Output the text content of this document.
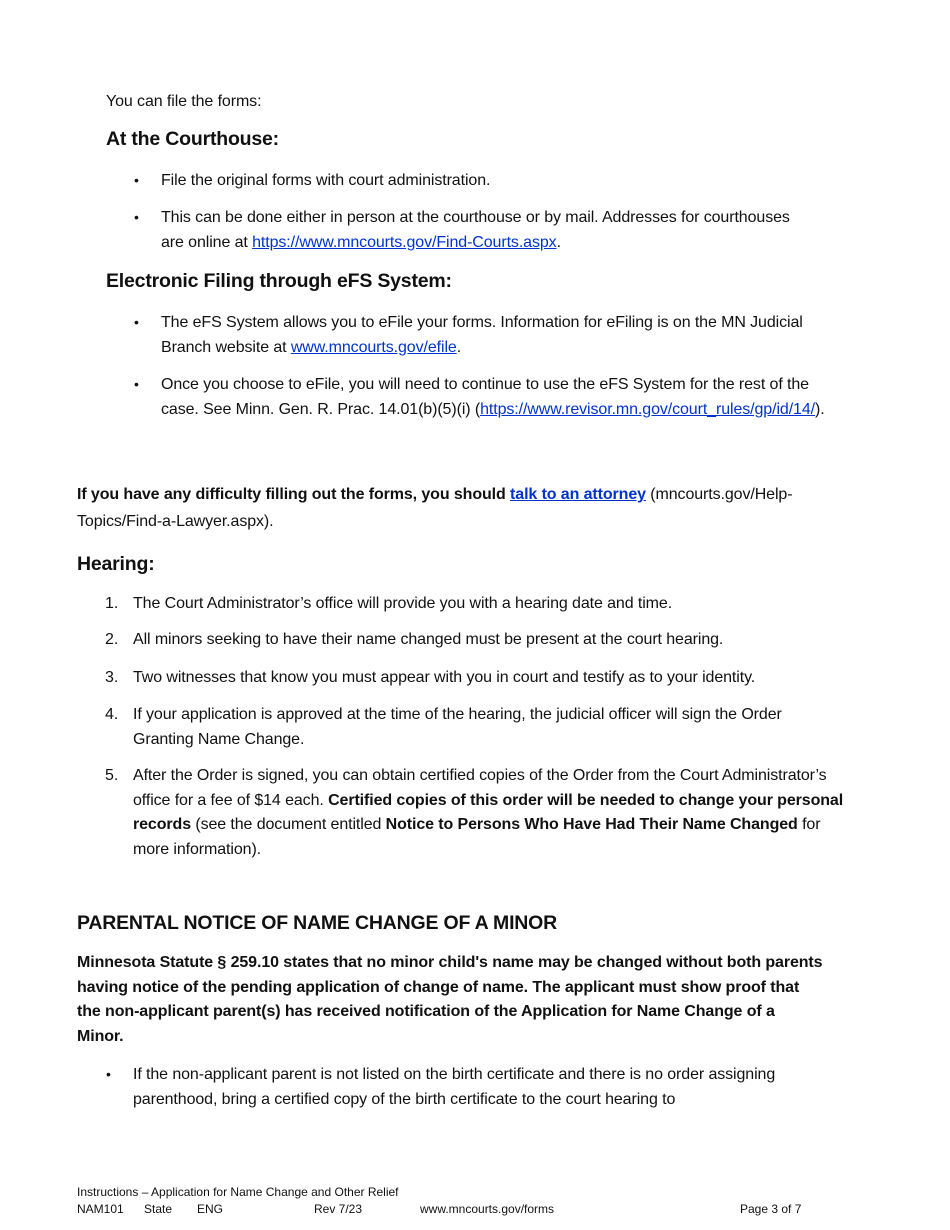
You can file the forms:

At the Courthouse:

• File the original forms with court administration.

• This can be done either in person at the courthouse or by mail. Addresses for courthouses are online at https://www.mncourts.gov/Find-Courts.aspx.

Electronic Filing through eFS System:

• The eFS System allows you to eFile your forms. Information for eFiling is on the MN Judicial Branch website at www.mncourts.gov/efile.

• Once you choose to eFile, you will need to continue to use the eFS System for the rest of the case. See Minn. Gen. R. Prac. 14.01(b)(5)(i) (https://www.revisor.mn.gov/court_rules/gp/id/14/).

If you have any difficulty filling out the forms, you should talk to an attorney (mncourts.gov/Help-Topics/Find-a-Lawyer.aspx).

Hearing:

1. The Court Administrator’s office will provide you with a hearing date and time.

2. All minors seeking to have their name changed must be present at the court hearing.

3. Two witnesses that know you must appear with you in court and testify as to your identity.

4. If your application is approved at the time of the hearing, the judicial officer will sign the Order Granting Name Change.

5. After the Order is signed, you can obtain certified copies of the Order from the Court Administrator’s office for a fee of $14 each. Certified copies of this order will be needed to change your personal records (see the document entitled Notice to Persons Who Have Had Their Name Changed for more information).

PARENTAL NOTICE OF NAME CHANGE OF A MINOR

Minnesota Statute § 259.10 states that no minor child's name may be changed without both parents having notice of the pending application of change of name. The applicant must show proof that the non-applicant parent(s) has received notification of the Application for Name Change of a Minor.

• If the non-applicant parent is not listed on the birth certificate and there is no order assigning parenthood, bring a certified copy of the birth certificate to the court hearing to

Instructions – Application for Name Change and Other Relief

NAM101 State ENG	Rev 7/23	www.mncourts.gov/forms	Page 3 of 7
